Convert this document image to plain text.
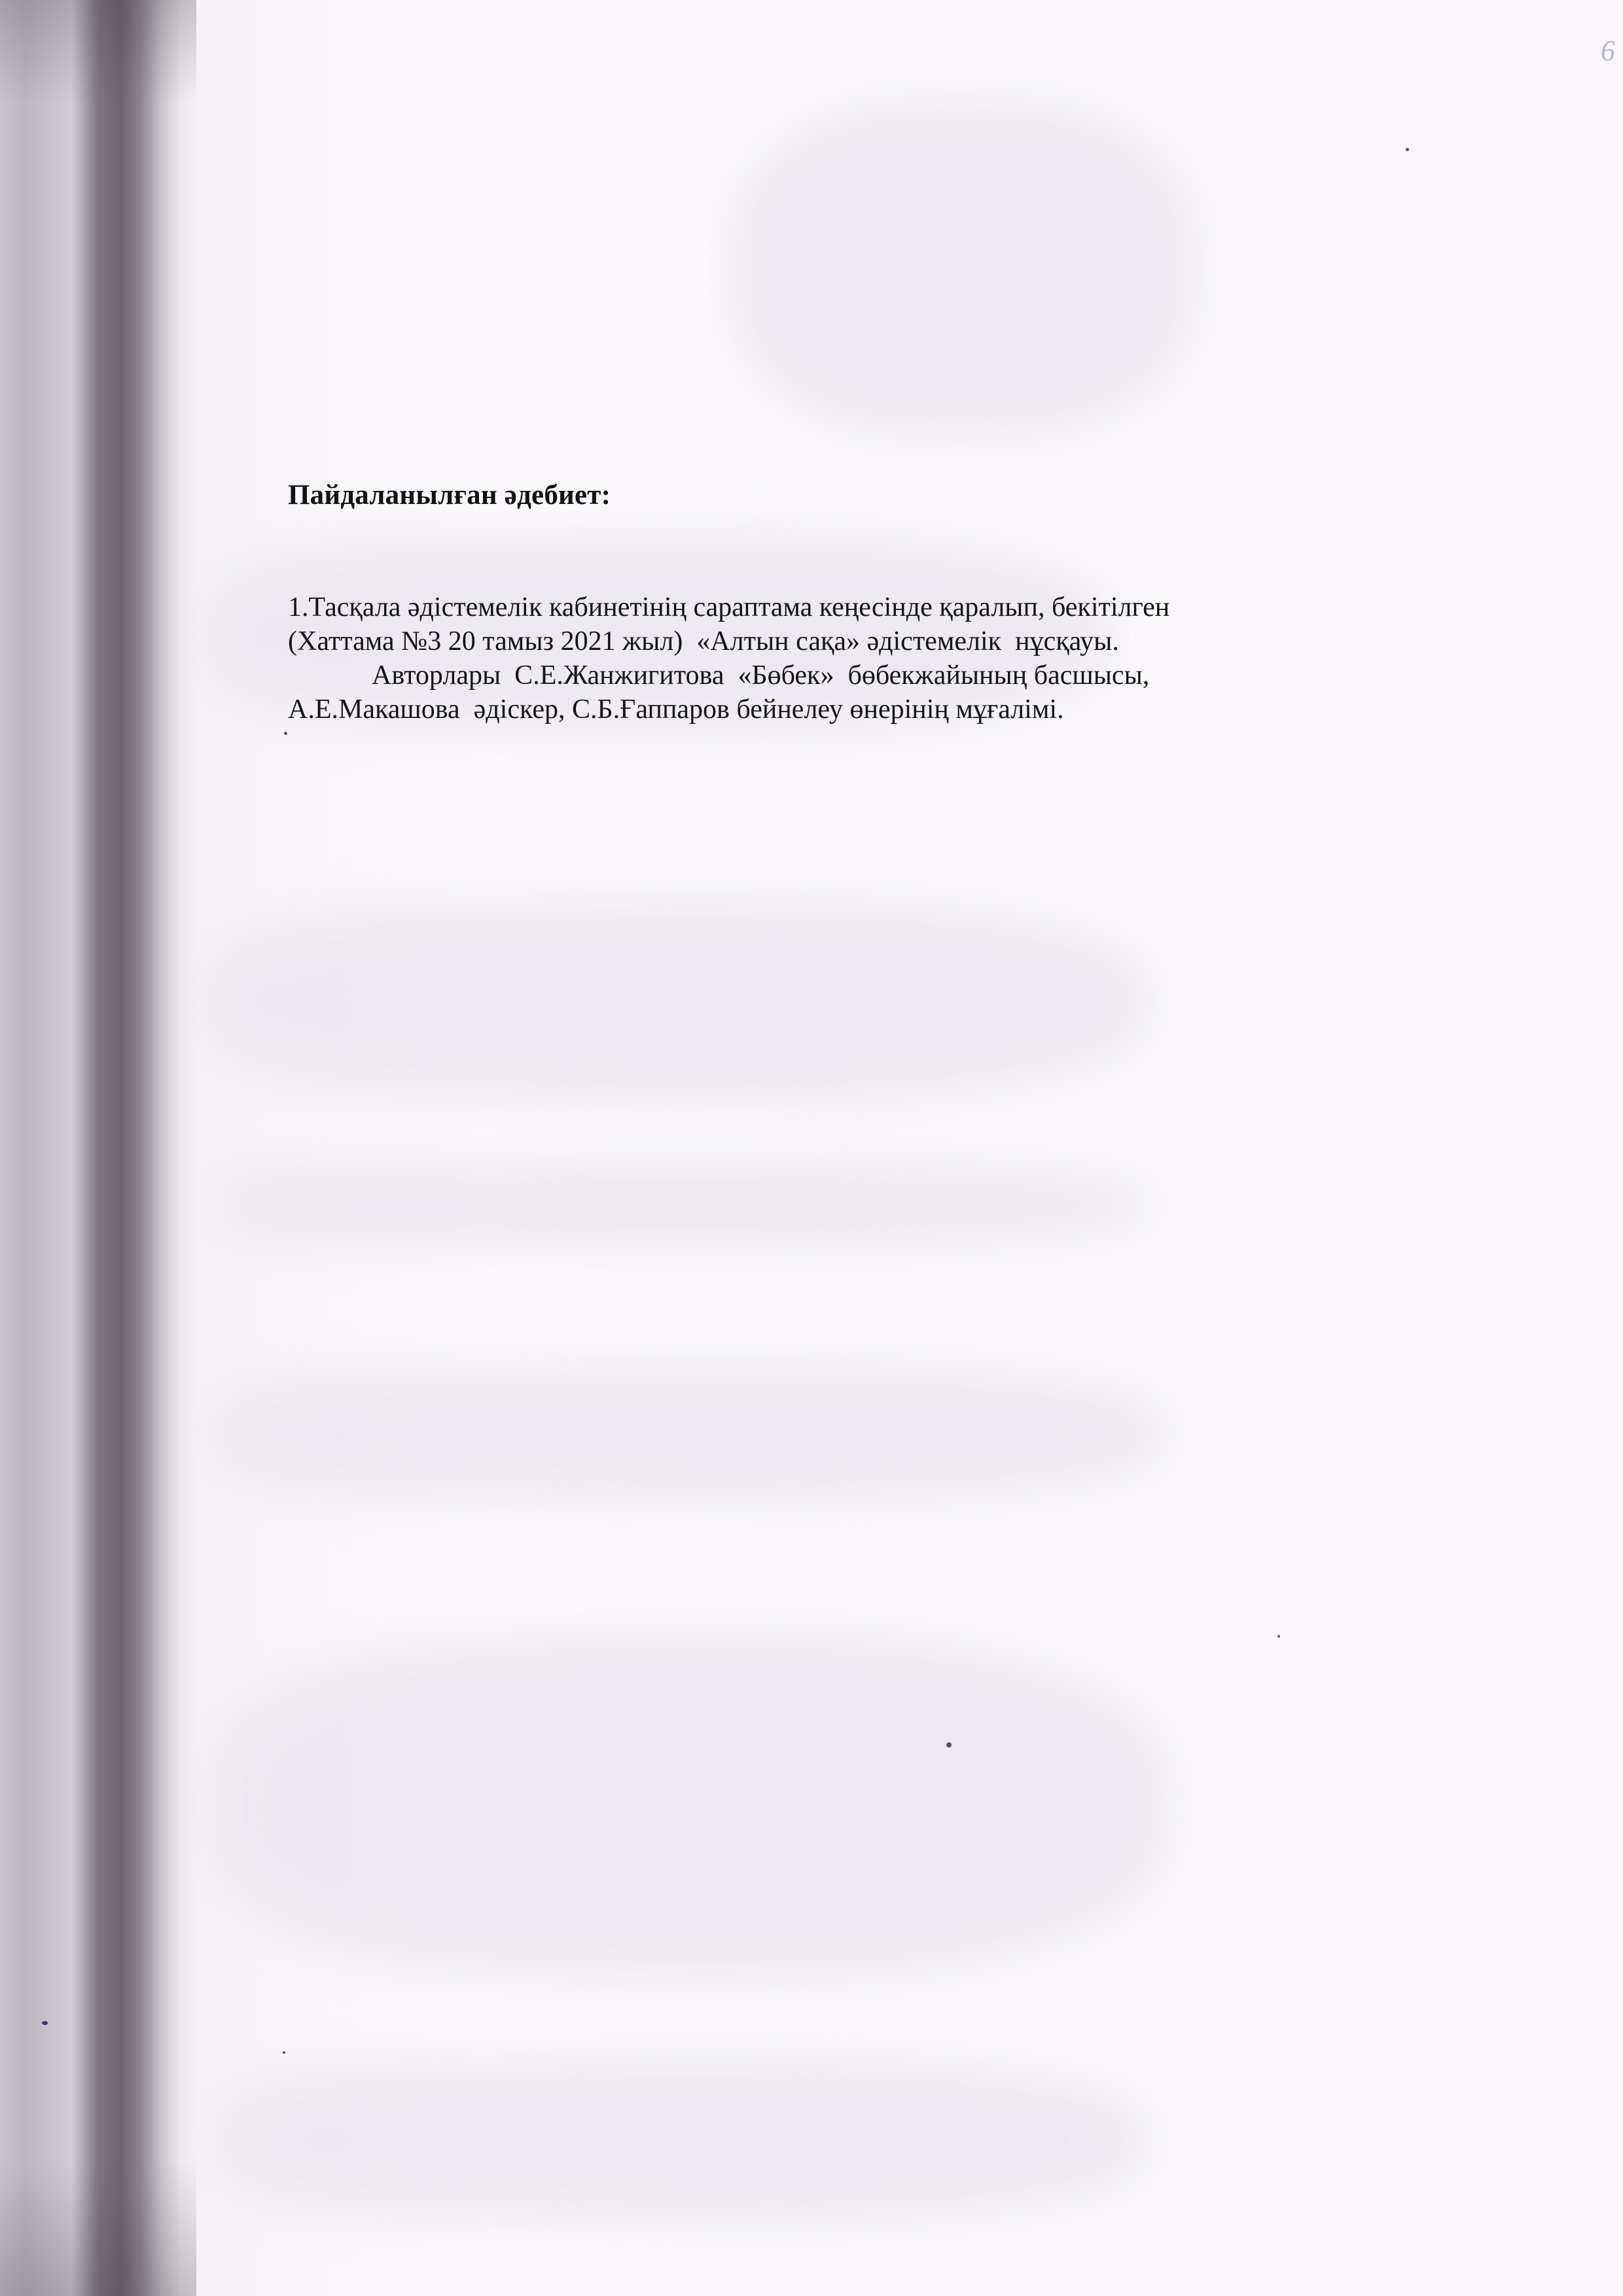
6
Пайдаланылған әдебиет:
1.Тасқала әдістемелік кабинетінің сараптама кеңесінде қаралып, бекітілген
(Хаттама №3 20 тамыз 2021 жыл)  «Алтын сақа» әдістемелік  нұсқауы.
Авторлары  С.Е.Жанжигитова  «Бөбек»  бөбекжайының басшысы,
А.Е.Макашова  әдіскер, С.Б.Ғаппаров бейнелеу өнерінің мұғалімі.
